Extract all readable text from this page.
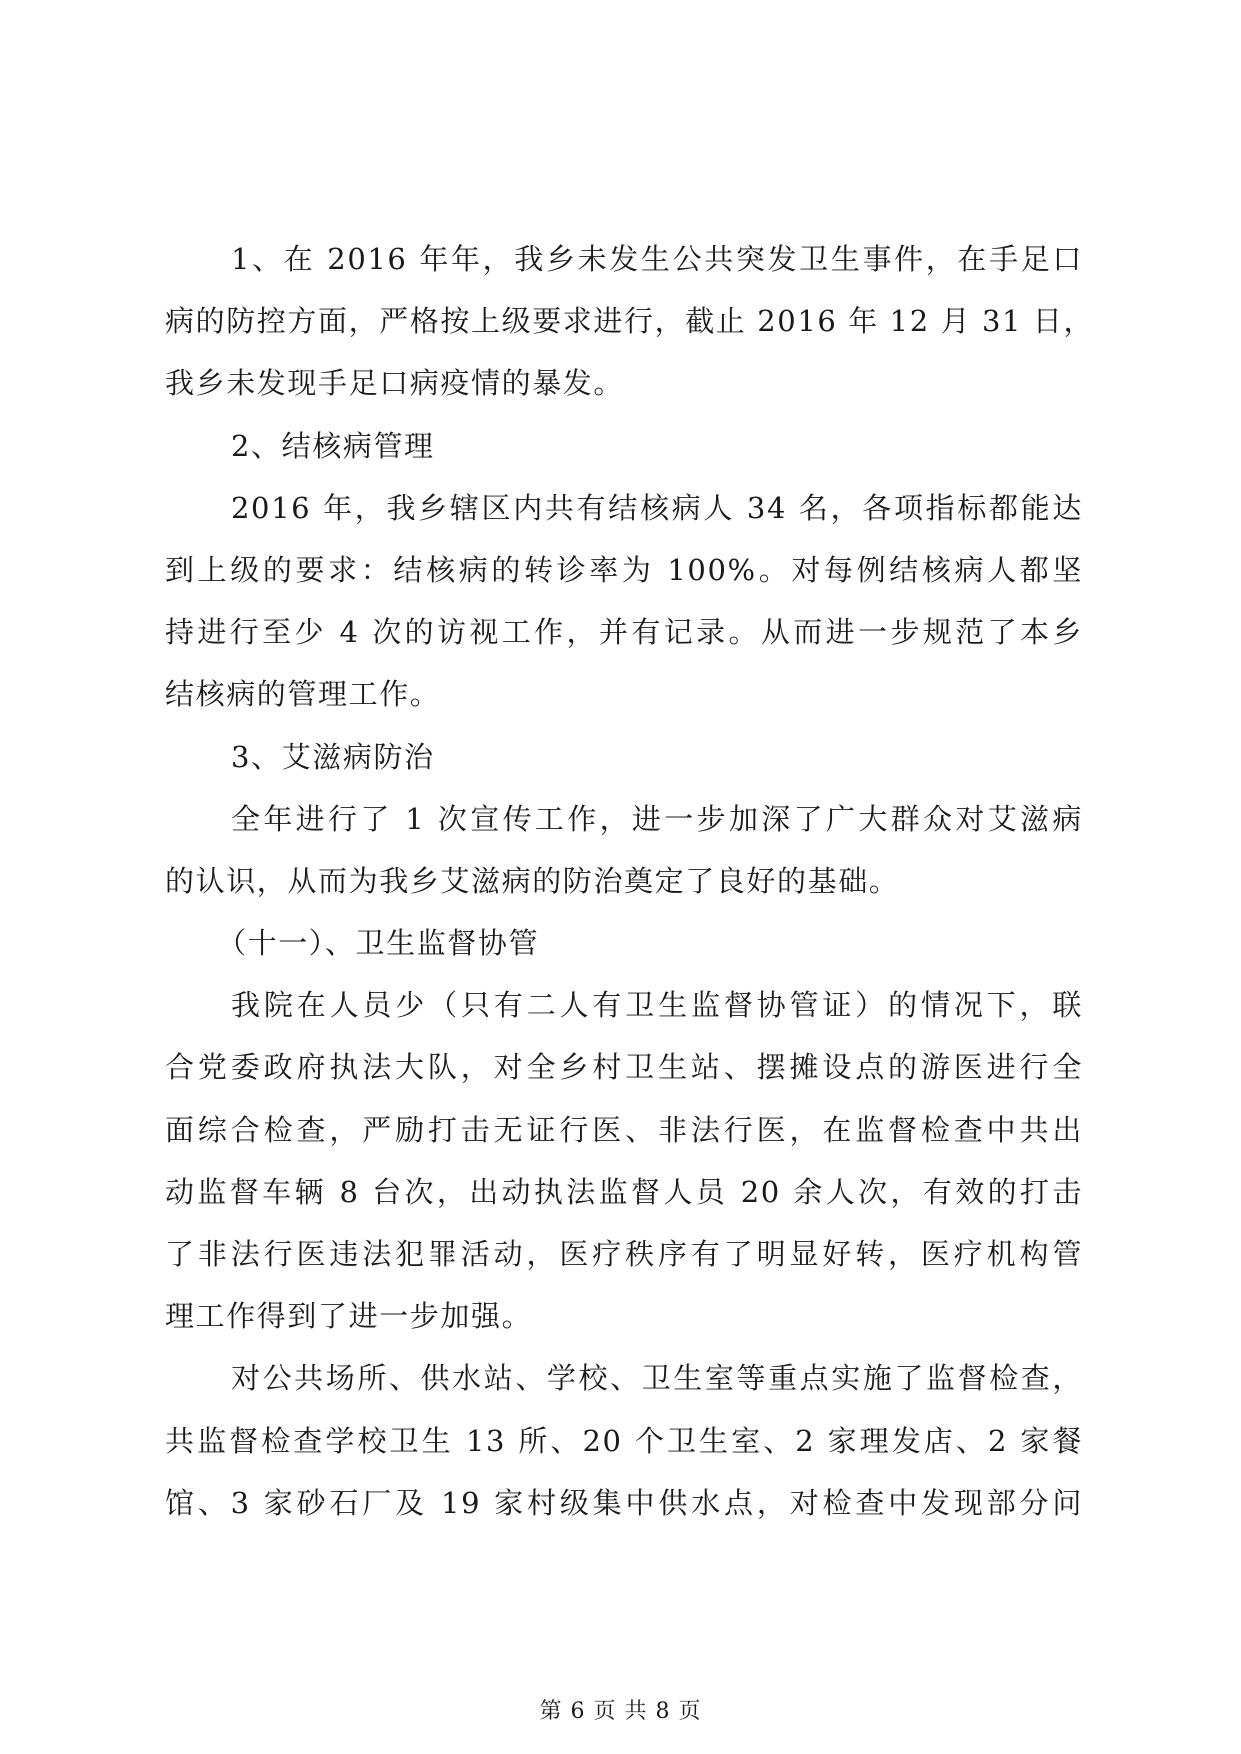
1、在 2016 年年，我乡未发生公共突发卫生事件，在手足口
病的防控方面，严格按上级要求进行，截止 2016 年 12 月 31 日，
我乡未发现手足口病疫情的暴发。
2、结核病管理
2016 年，我乡辖区内共有结核病人 34 名，各项指标都能达
到上级的要求：结核病的转诊率为 100%。对每例结核病人都坚
持进行至少 4 次的访视工作，并有记录。从而进一步规范了本乡
结核病的管理工作。
3、艾滋病防治
全年进行了 1 次宣传工作，进一步加深了广大群众对艾滋病
的认识，从而为我乡艾滋病的防治奠定了良好的基础。
（十一）、卫生监督协管
我院在人员少（只有二人有卫生监督协管证）的情况下，联
合党委政府执法大队，对全乡村卫生站、摆摊设点的游医进行全
面综合检查，严励打击无证行医、非法行医，在监督检查中共出
动监督车辆 8 台次，出动执法监督人员 20 余人次，有效的打击
了非法行医违法犯罪活动，医疗秩序有了明显好转，医疗机构管
理工作得到了进一步加强。
对公共场所、供水站、学校、卫生室等重点实施了监督检查，
共监督检查学校卫生 13 所、20 个卫生室、2 家理发店、2 家餐
馆、3 家砂石厂及 19 家村级集中供水点，对检查中发现部分问
第 6 页 共 8 页
